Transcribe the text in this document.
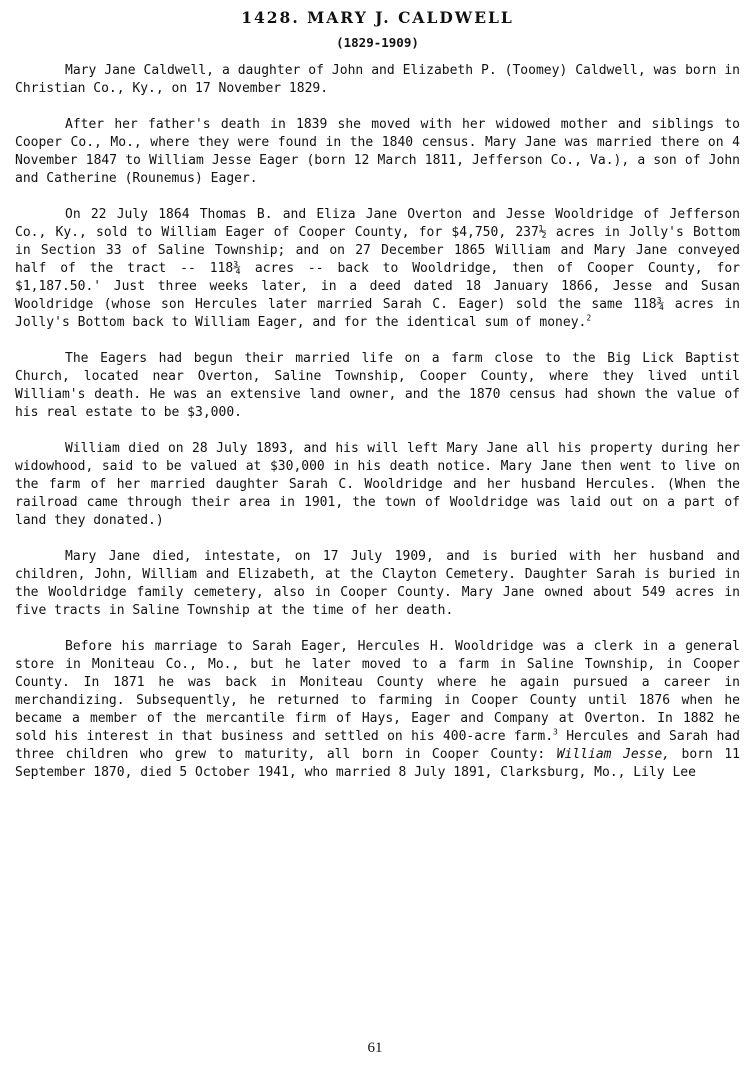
1428. MARY J. CALDWELL
(1829-1909)

Mary Jane Caldwell, a daughter of John and Elizabeth P. (Toomey) Caldwell, was born in Christian Co., Ky., on 17 November 1829.

After her father's death in 1839 she moved with her widowed mother and siblings to Cooper Co., Mo., where they were found in the 1840 census. Mary Jane was married there on 4 November 1847 to William Jesse Eager (born 12 March 1811, Jefferson Co., Va.), a son of John and Catherine (Rounemus) Eager.

On 22 July 1864 Thomas B. and Eliza Jane Overton and Jesse Wooldridge of Jefferson Co., Ky., sold to William Eager of Cooper County, for $4,750, 237½ acres in Jolly's Bottom in Section 33 of Saline Township; and on 27 December 1865 William and Mary Jane conveyed half of the tract -- 118¾ acres -- back to Wooldridge, then of Cooper County, for $1,187.50.' Just three weeks later, in a deed dated 18 January 1866, Jesse and Susan Wooldridge (whose son Hercules later married Sarah C. Eager) sold the same 118¾ acres in Jolly's Bottom back to William Eager, and for the identical sum of money.$^2$

The Eagers had begun their married life on a farm close to the Big Lick Baptist Church, located near Overton, Saline Township, Cooper County, where they lived until William's death. He was an extensive land owner, and the 1870 census had shown the value of his real estate to be $3,000.

William died on 28 July 1893, and his will left Mary Jane all his property during her widowhood, said to be valued at $30,000 in his death notice. Mary Jane then went to live on the farm of her married daughter Sarah C. Wooldridge and her husband Hercules. (When the railroad came through their area in 1901, the town of Wooldridge was laid out on a part of land they donated.)

Mary Jane died, intestate, on 17 July 1909, and is buried with her husband and children, John, William and Elizabeth, at the Clayton Cemetery. Daughter Sarah is buried in the Wooldridge family cemetery, also in Cooper County. Mary Jane owned about 549 acres in five tracts in Saline Township at the time of her death.

Before his marriage to Sarah Eager, Hercules H. Wooldridge was a clerk in a general store in Moniteau Co., Mo., but he later moved to a farm in Saline Township, in Cooper County. In 1871 he was back in Moniteau County where he again pursued a career in merchandizing. Subsequently, he returned to farming in Cooper County until 1876 when he became a member of the mercantile firm of Hays, Eager and Company at Overton. In 1882 he sold his interest in that business and settled on his 400-acre farm.$^3$ Hercules and Sarah had three children who grew to maturity, all born in Cooper County: William Jesse, born 11 September 1870, died 5 October 1941, who married 8 July 1891, Clarksburg, Mo., Lily Lee

61
